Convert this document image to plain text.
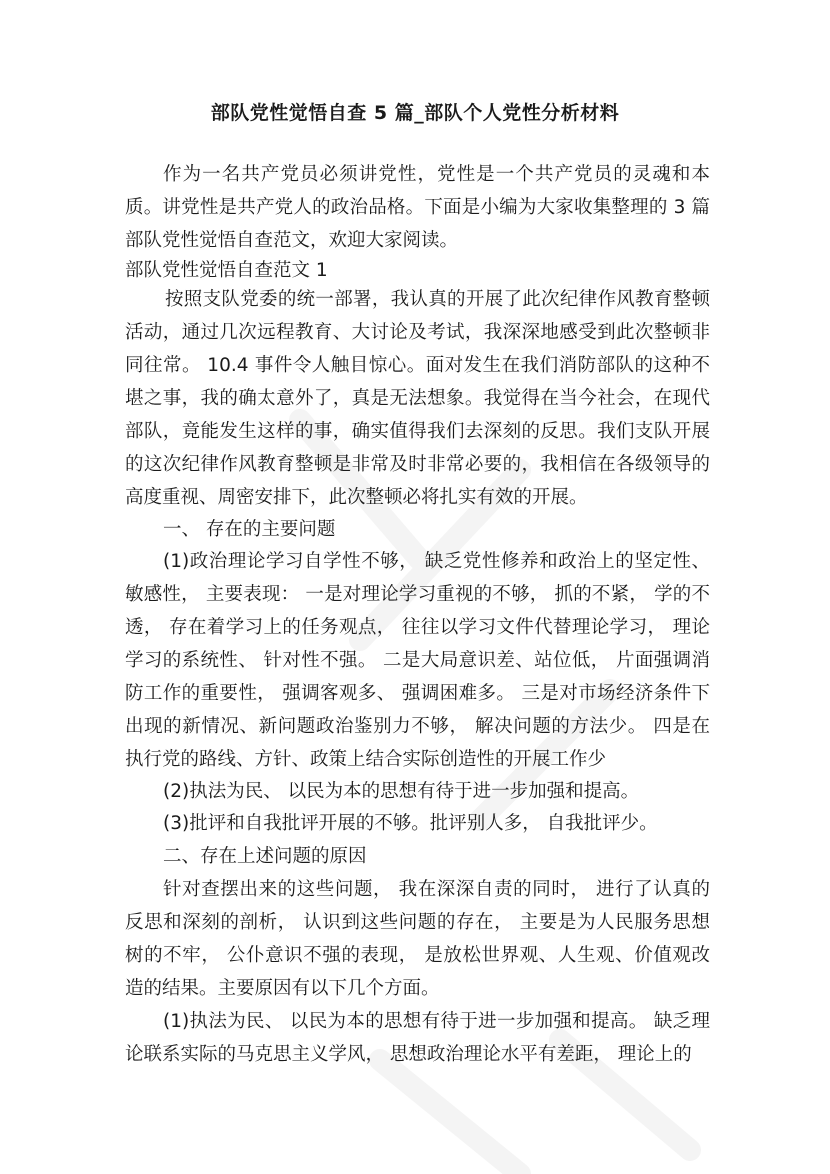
部队党性觉悟自查 5 篇_部队个人党性分析材料

作为一名共产党员必须讲党性，党性是一个共产党员的灵魂和本质。讲党性是共产党人的政治品格。下面是小编为大家收集整理的 3 篇部队党性觉悟自查范文，欢迎大家阅读。

部队党性觉悟自查范文 1

按照支队党委的统一部署，我认真的开展了此次纪律作风教育整顿活动，通过几次远程教育、大讨论及考试，我深深地感受到此次整顿非同往常。 10.4 事件令人触目惊心。面对发生在我们消防部队的这种不堪之事，我的确太意外了，真是无法想象。我觉得在当今社会，在现代部队，竟能发生这样的事，确实值得我们去深刻的反思。我们支队开展的这次纪律作风教育整顿是非常及时非常必要的，我相信在各级领导的高度重视、周密安排下，此次整顿必将扎实有效的开展。

一、 存在的主要问题

(1)政治理论学习自学性不够， 缺乏党性修养和政治上的坚定性、敏感性， 主要表现： 一是对理论学习重视的不够， 抓的不紧， 学的不透， 存在着学习上的任务观点， 往往以学习文件代替理论学习， 理论学习的系统性、 针对性不强。 二是大局意识差、站位低， 片面强调消防工作的重要性， 强调客观多、 强调困难多。 三是对市场经济条件下出现的新情况、新问题政治鉴别力不够， 解决问题的方法少。 四是在执行党的路线、方针、政策上结合实际创造性的开展工作少

(2)执法为民、 以民为本的思想有待于进一步加强和提高。

(3)批评和自我批评开展的不够。批评别人多， 自我批评少。

二、存在上述问题的原因

针对查摆出来的这些问题， 我在深深自责的同时， 进行了认真的反思和深刻的剖析， 认识到这些问题的存在， 主要是为人民服务思想树的不牢， 公仆意识不强的表现， 是放松世界观、人生观、价值观改造的结果。主要原因有以下几个方面。

(1)执法为民、 以民为本的思想有待于进一步加强和提高。 缺乏理论联系实际的马克思主义学风， 思想政治理论水平有差距， 理论上的
